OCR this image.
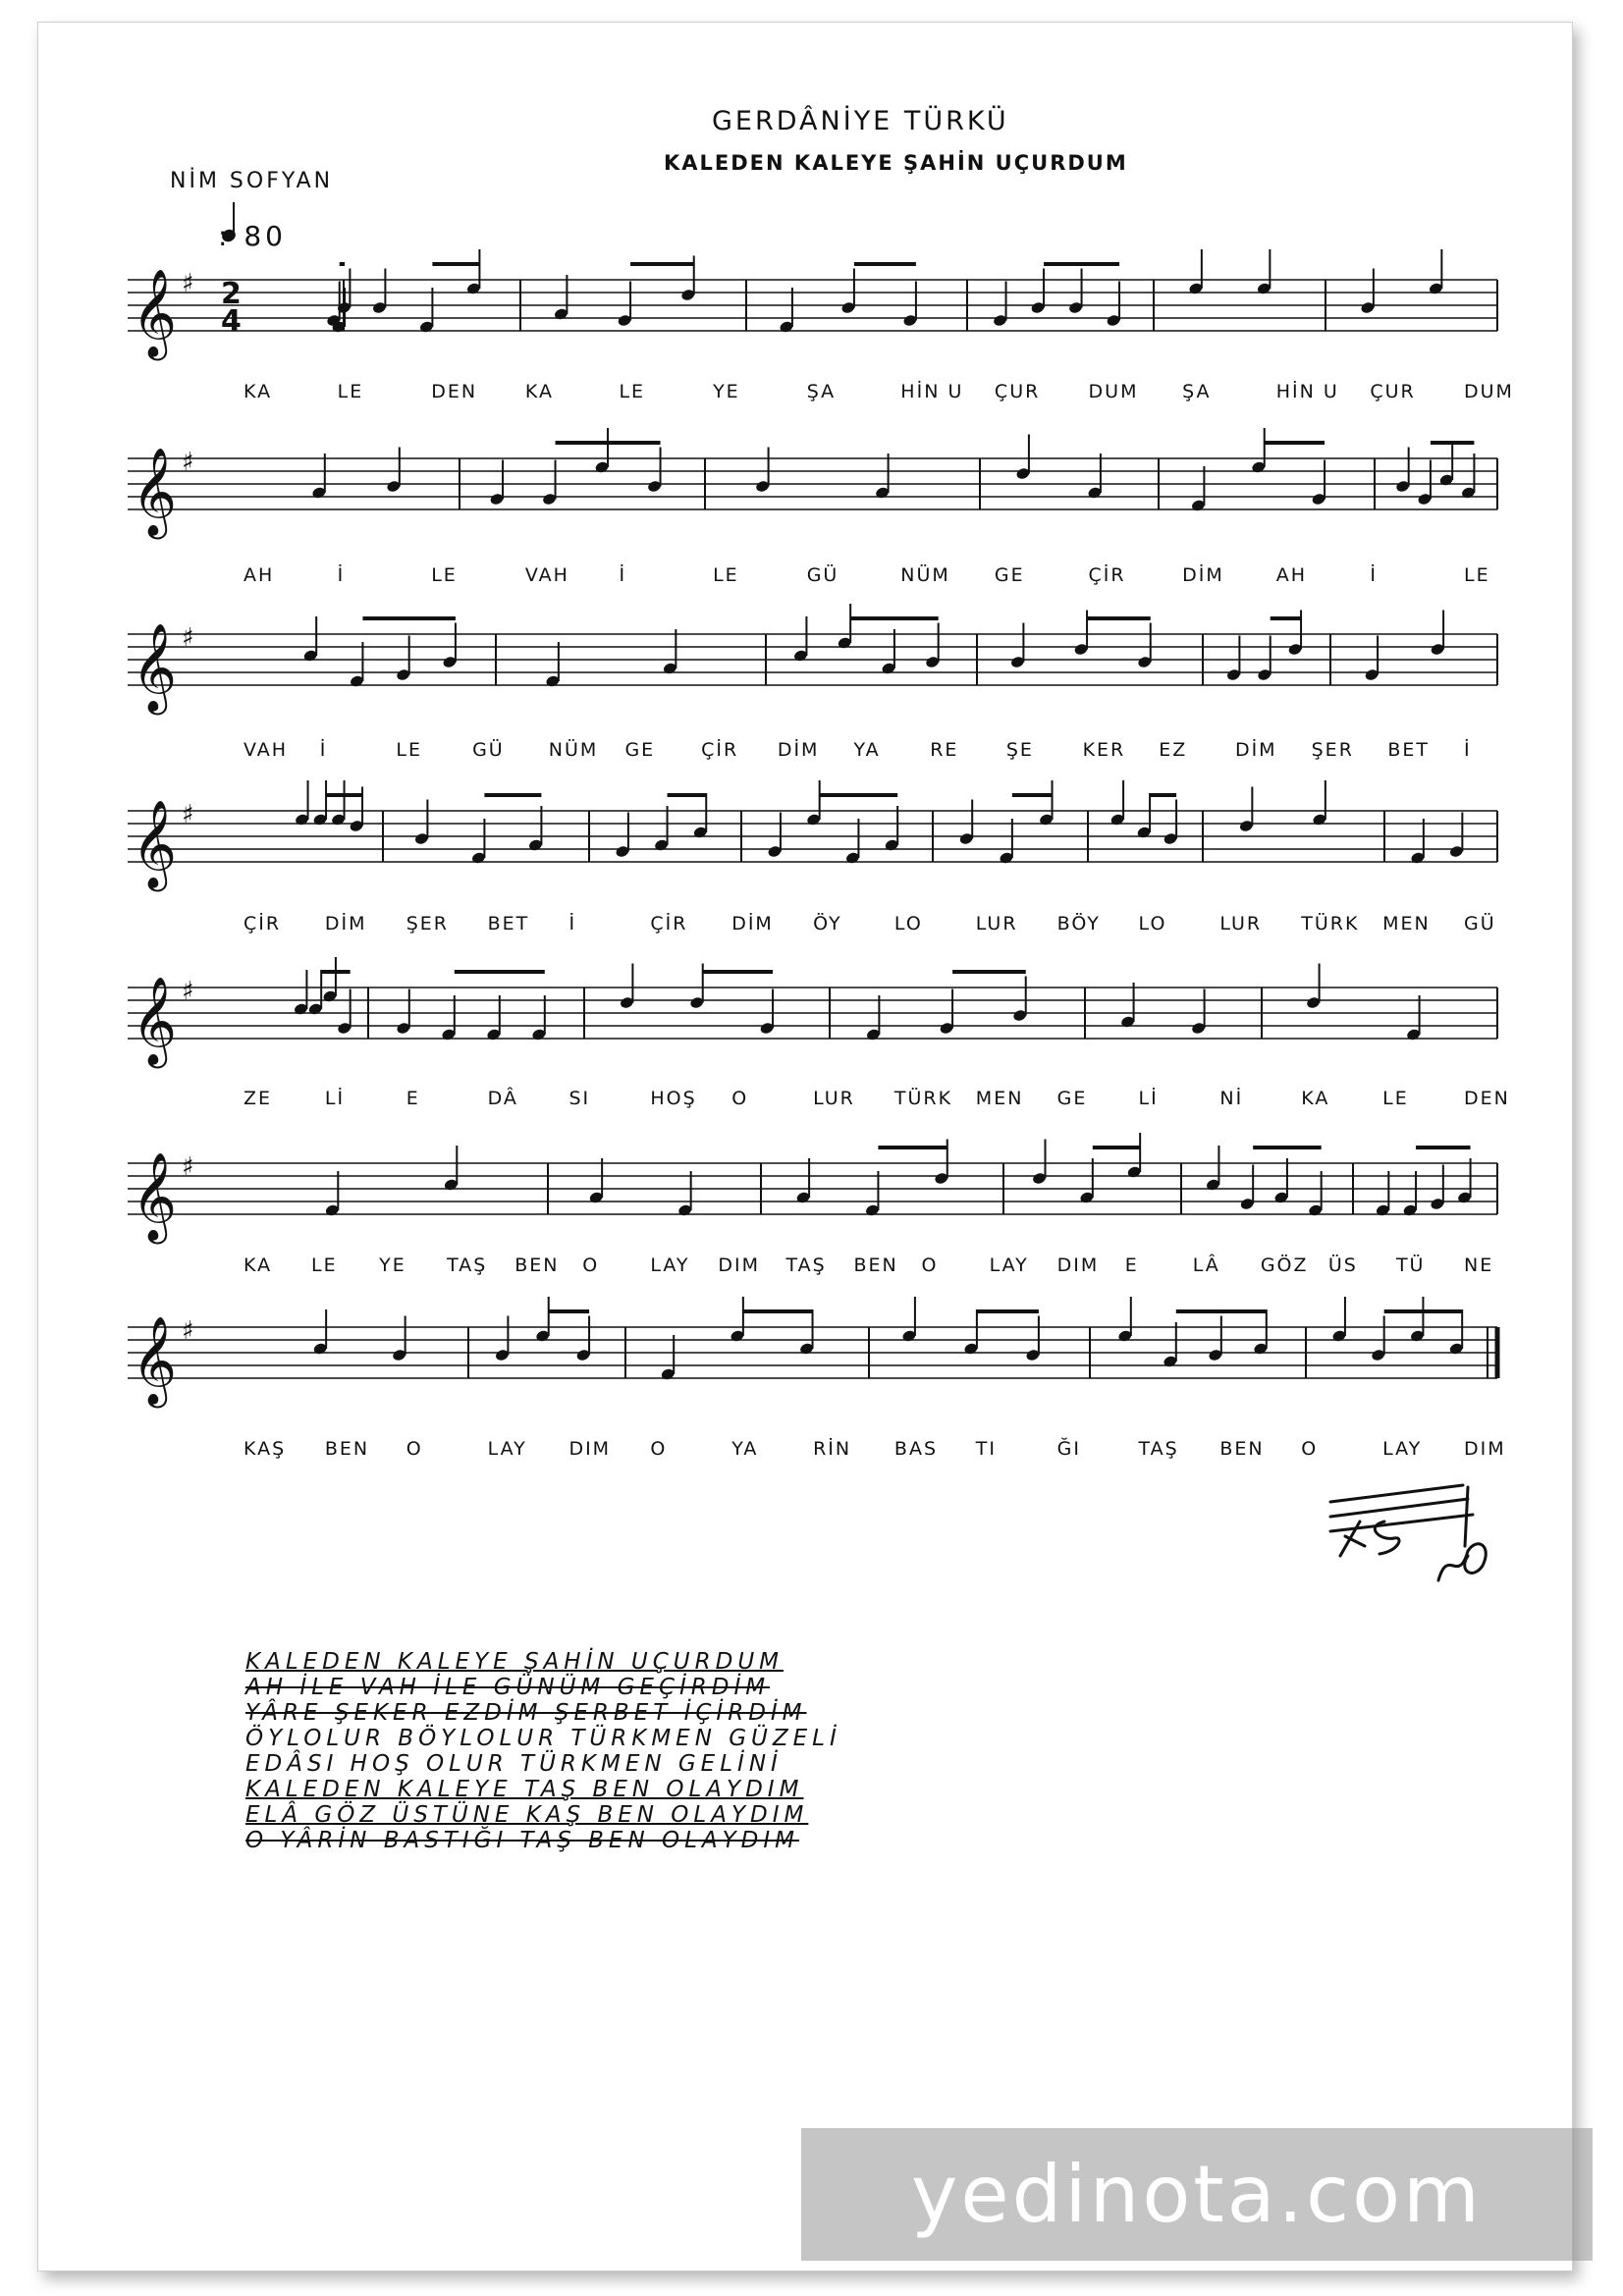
GERDÂNİYE TÜRKÜ
KALEDEN KALEYE ŞAHİN UÇURDUM
NİM SOFYAN
: 80
𝄞 ♯ 2
4
𝄞 ♯
𝄞 ♯
𝄞 ♯
𝄞 ♯
𝄞 ♯
𝄞 ♯
KA	LE	DEN	KA	LE	YE	ŞA	HİN U ÇUR	DUM ŞA	HİN U ÇUR	DUM
AH	İ	LE	VAH	İ	LE	GÜ	NÜM GE	ÇİR	DİM	AH	İ	LE
VAH İ	LE	GÜ NÜM GE ÇİR DİM YA	RE	ŞE	KER EZ	DİM ŞER BET İ
ÇİR DİM ŞER BET İ	ÇİR DİM ÖY	LO	LUR BÖY LO	LUR TÜRK MEN GÜ
ZE	Lİ	E	DÂ	SI	HOŞ O	LUR TÜRK MEN GE	Lİ	Nİ	KA	LE	DEN
KA LE YE TAŞ BEN O	LAY DIM TAŞ BEN O	LAY DIM E	LÂ GÖZ ÜS TÜ NE
KAŞ BEN O	LAY DIM O	YA	RİN BAS TI	ĞI	TAŞ BEN O	LAY DIM
KALEDEN KALEYE ŞAHİN UÇURDUM
AH İLE VAH İLE GÜNÜM GEÇİRDİM
YÂRE ŞEKER EZDİM ŞERBET İÇİRDİM
ÖYLOLUR BÖYLOLUR TÜRKMEN GÜZELİ
EDÂSI HOŞ OLUR TÜRKMEN GELİNİ
KALEDEN KALEYE TAŞ BEN OLAYDIM
ELÂ GÖZ ÜSTÜNE KAŞ BEN OLAYDIM
O YÂRİN BASTIĞI TAŞ BEN OLAYDIM
yedinota.com
